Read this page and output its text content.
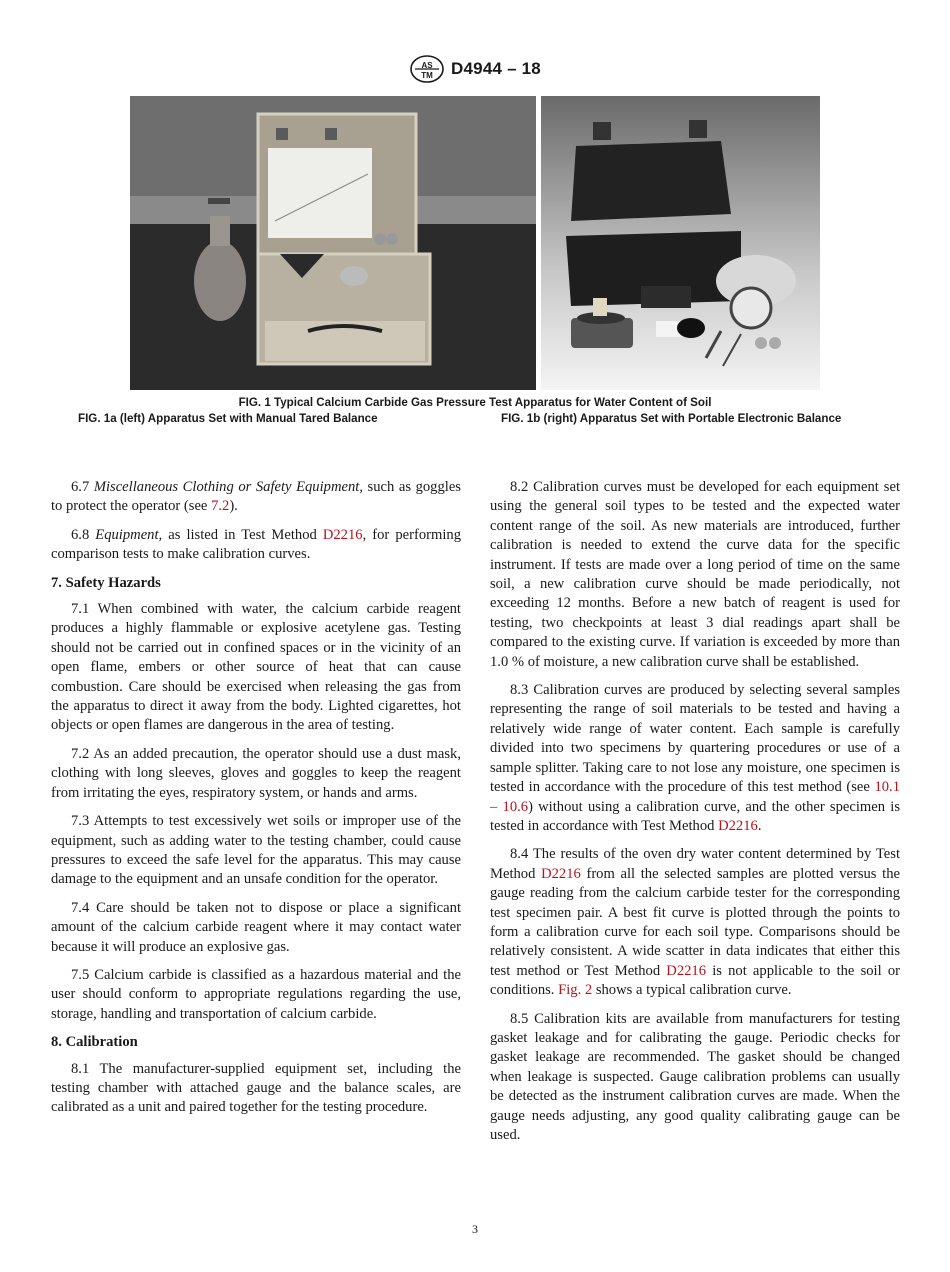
AS
TM D4944 – 18
FIG. 1 Typical Calcium Carbide Gas Pressure Test Apparatus for Water Content of Soil
FIG. 1a (left) Apparatus Set with Manual Tared Balance	FIG. 1b (right) Apparatus Set with Portable Electronic Balance

6.7 Miscellaneous Clothing or Safety Equipment, such as goggles to protect the operator (see 7.2).

6.8 Equipment, as listed in Test Method D2216, for performing comparison tests to make calibration curves.

7. Safety Hazards

7.1 When combined with water, the calcium carbide reagent produces a highly flammable or explosive acetylene gas. Testing should not be carried out in confined spaces or in the vicinity of an open flame, embers or other source of heat that can cause combustion. Care should be exercised when releasing the gas from the apparatus to direct it away from the body. Lighted cigarettes, hot objects or open flames are dangerous in the area of testing.

7.2 As an added precaution, the operator should use a dust mask, clothing with long sleeves, gloves and goggles to keep the reagent from irritating the eyes, respiratory system, or hands and arms.

7.3 Attempts to test excessively wet soils or improper use of the equipment, such as adding water to the testing chamber, could cause pressures to exceed the safe level for the apparatus. This may cause damage to the equipment and an unsafe condition for the operator.

7.4 Care should be taken not to dispose or place a significant amount of the calcium carbide reagent where it may contact water because it will produce an explosive gas.

7.5 Calcium carbide is classified as a hazardous material and the user should conform to appropriate regulations regarding the use, storage, handling and transportation of calcium carbide.

8. Calibration

8.1 The manufacturer-supplied equipment set, including the testing chamber with attached gauge and the balance scales, are calibrated as a unit and paired together for the testing procedure.

8.2 Calibration curves must be developed for each equipment set using the general soil types to be tested and the expected water content range of the soil. As new materials are introduced, further calibration is needed to extend the curve data for the specific instrument. If tests are made over a long period of time on the same soil, a new calibration curve should be made periodically, not exceeding 12 months. Before a new batch of reagent is used for testing, two checkpoints at least 3 dial readings apart shall be compared to the existing curve. If variation is exceeded by more than 1.0 % of moisture, a new calibration curve shall be established.

8.3 Calibration curves are produced by selecting several samples representing the range of soil materials to be tested and having a relatively wide range of water content. Each sample is carefully divided into two specimens by quartering procedures or use of a sample splitter. Taking care to not lose any moisture, one specimen is tested in accordance with the procedure of this test method (see 10.1 – 10.6) without using a calibration curve, and the other specimen is tested in accordance with Test Method D2216.

8.4 The results of the oven dry water content determined by Test Method D2216 from all the selected samples are plotted versus the gauge reading from the calcium carbide tester for the corresponding test specimen pair. A best fit curve is plotted through the points to form a calibration curve for each soil type. Comparisons should be relatively consistent. A wide scatter in data indicates that either this test method or Test Method D2216 is not applicable to the soil or conditions. Fig. 2 shows a typical calibration curve.

8.5 Calibration kits are available from manufacturers for testing gasket leakage and for calibrating the gauge. Periodic checks for gasket leakage are recommended. The gasket should be changed when leakage is suspected. Gauge calibration problems can usually be detected as the instrument calibration curves are made. When the gauge needs adjusting, any good quality calibrating gauge can be used.

3
